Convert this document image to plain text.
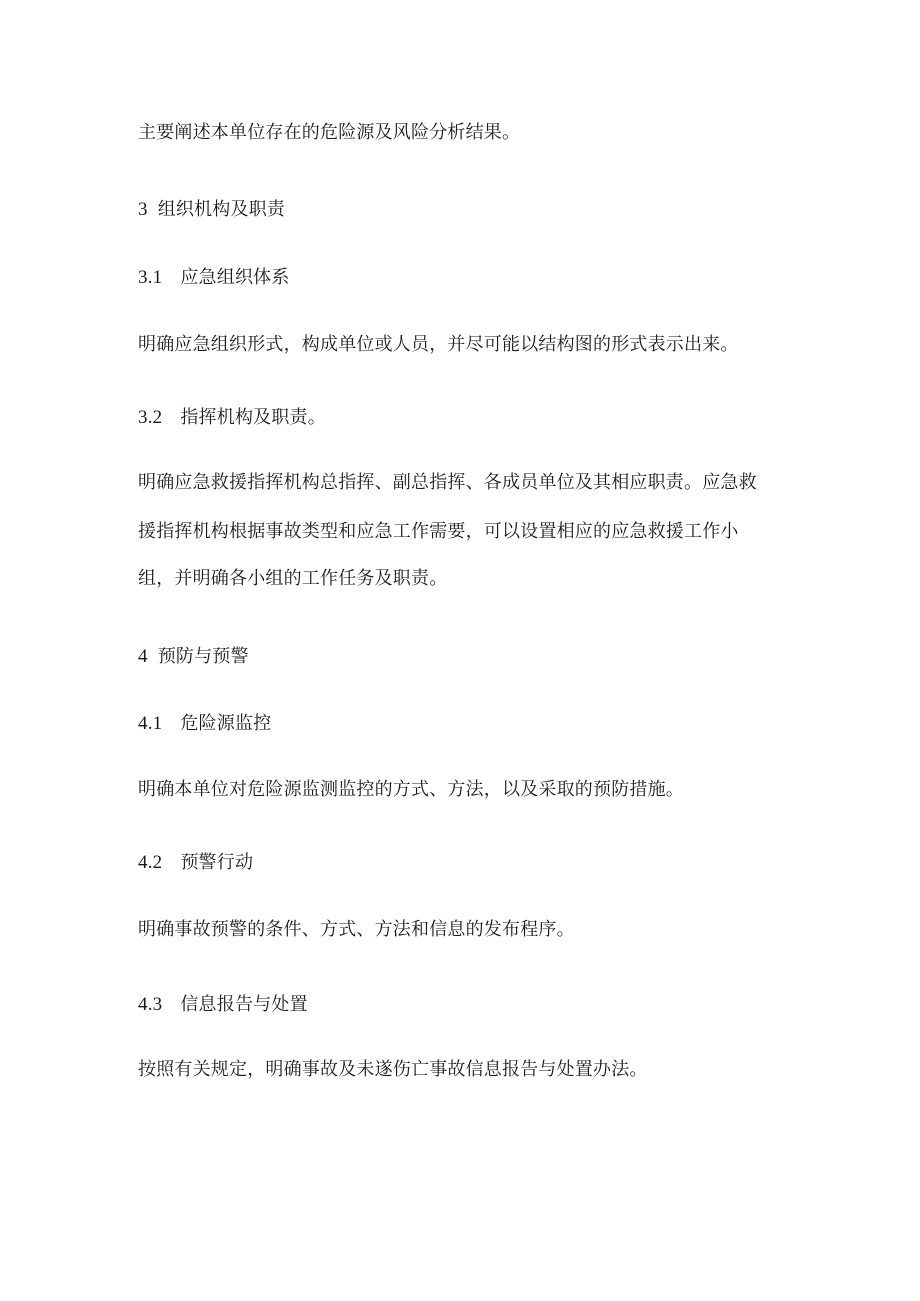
主要阐述本单位存在的危险源及风险分析结果。
3 组织机构及职责
3.1 应急组织体系
明确应急组织形式，构成单位或人员，并尽可能以结构图的形式表示出来。
3.2 指挥机构及职责。
明确应急救援指挥机构总指挥、副总指挥、各成员单位及其相应职责。应急救
援指挥机构根据事故类型和应急工作需要，可以设置相应的应急救援工作小
组，并明确各小组的工作任务及职责。
4 预防与预警
4.1 危险源监控
明确本单位对危险源监测监控的方式、方法，以及采取的预防措施。
4.2 预警行动
明确事故预警的条件、方式、方法和信息的发布程序。
4.3 信息报告与处置
按照有关规定，明确事故及未遂伤亡事故信息报告与处置办法。
